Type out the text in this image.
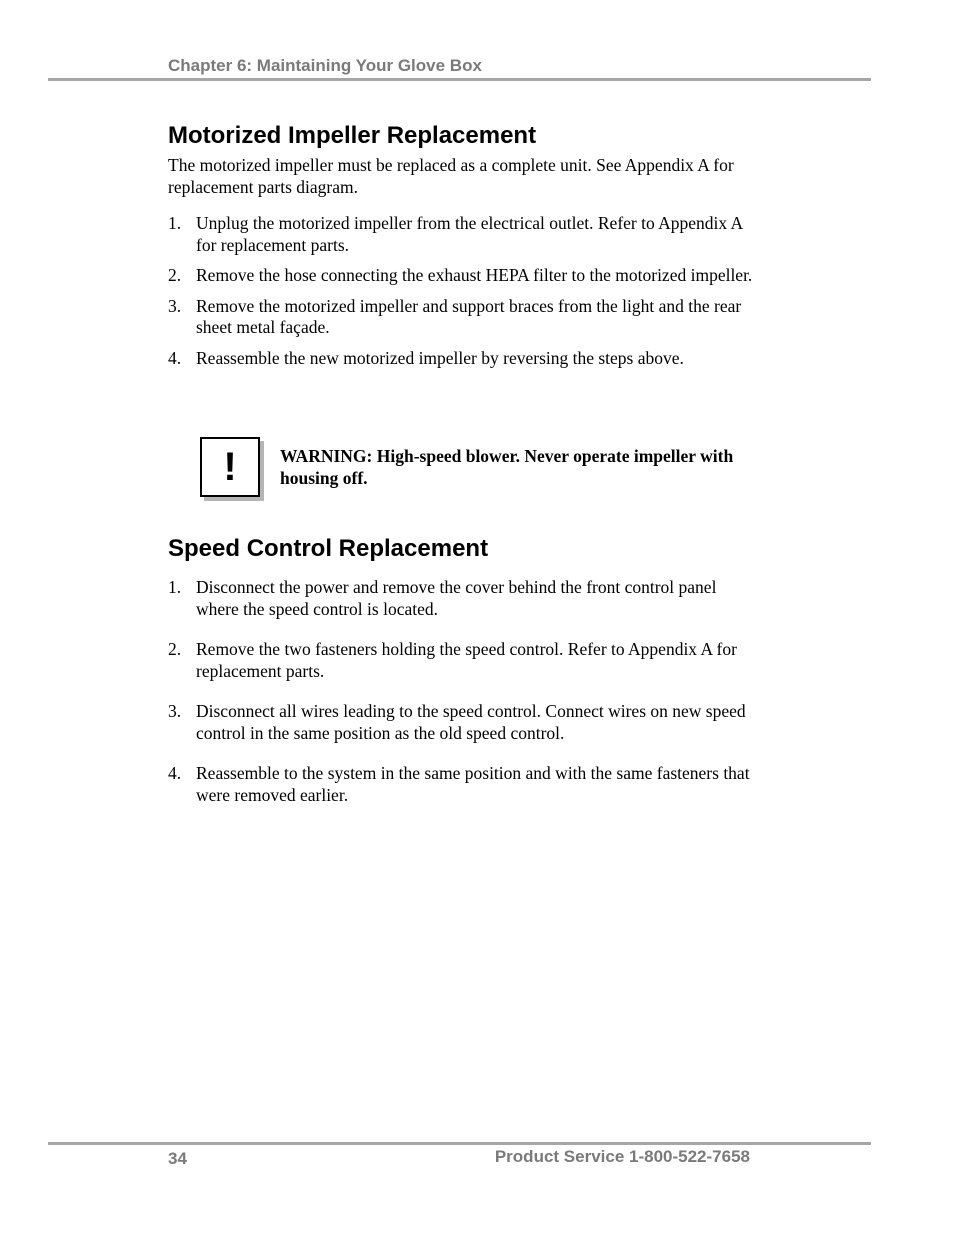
Chapter 6: Maintaining Your Glove Box
Motorized Impeller Replacement

The motorized impeller must be replaced as a complete unit. See Appendix A for replacement parts diagram.

1. Unplug the motorized impeller from the electrical outlet. Refer to Appendix A for replacement parts.
2. Remove the hose connecting the exhaust HEPA filter to the motorized impeller.
3. Remove the motorized impeller and support braces from the light and the rear sheet metal façade.
4. Reassemble the new motorized impeller by reversing the steps above.
!	WARNING: High-speed blower. Never operate impeller with housing off.
Speed Control Replacement
1. Disconnect the power and remove the cover behind the front control panel where the speed control is located.
2. Remove the two fasteners holding the speed control. Refer to Appendix A for replacement parts.
3. Disconnect all wires leading to the speed control. Connect wires on new speed control in the same position as the old speed control.
4. Reassemble to the system in the same position and with the same fasteners that were removed earlier.
34	Product Service 1-800-522-7658
